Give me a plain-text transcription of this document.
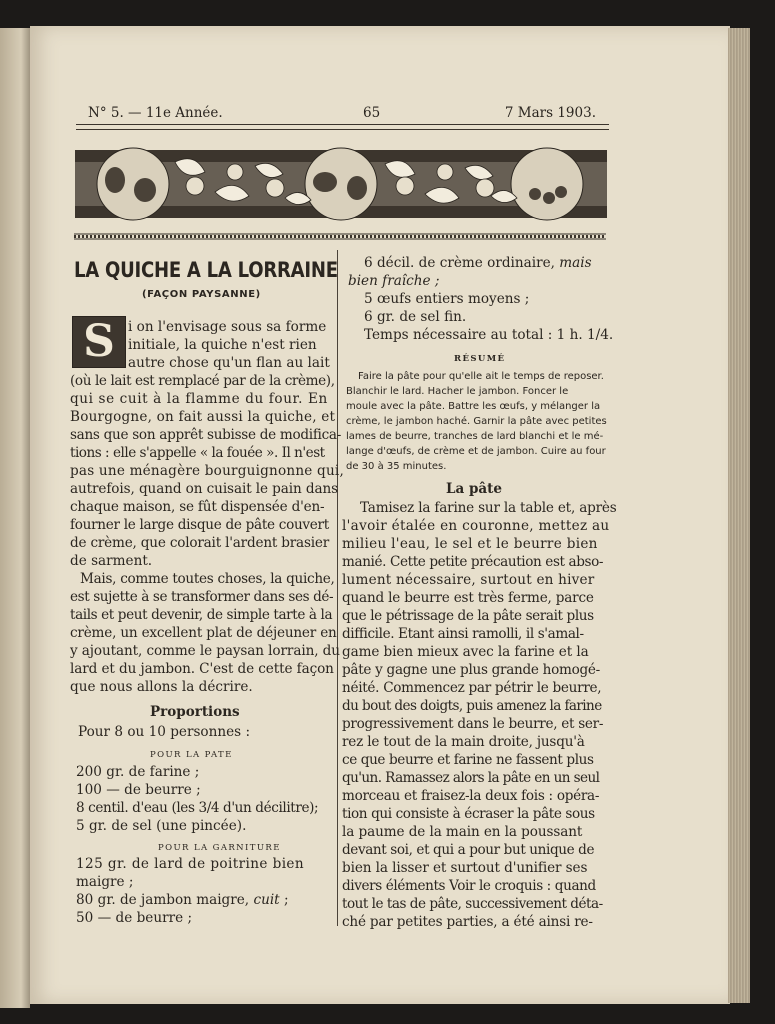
N° 5. — 11e Année.	65	7 Mars 1903.
LA QUICHE A LA LORRAINE
(FAÇON PAYSANNE)
S i on l'envisage sous sa forme
initiale, la quiche n'est rien
autre chose qu'un flan au lait
(où le lait est remplacé par de la crème),
qui se cuit à la flamme du four. En
Bourgogne, on fait aussi la quiche, et
sans que son apprêt subisse de modifica-
tions : elle s'appelle « la fouée ». Il n'est
pas une ménagère bourguignonne qui,
autrefois, quand on cuisait le pain dans
chaque maison, se fût dispensée d'en-
fourner le large disque de pâte couvert
de crème, que colorait l'ardent brasier
de sarment.
Mais, comme toutes choses, la quiche,
est sujette à se transformer dans ses dé-
tails et peut devenir, de simple tarte à la
crème, un excellent plat de déjeuner en
y ajoutant, comme le paysan lorrain, du
lard et du jambon. C'est de cette façon
que nous allons la décrire.
Proportions
Pour 8 ou 10 personnes :
POUR LA PATE
200 gr. de farine ;
100 — de beurre ;
8 centil. d'eau (les 3/4 d'un décilitre);
5 gr. de sel (une pincée).
POUR LA GARNITURE
125 gr. de lard de poitrine bien
maigre ;
80 gr. de jambon maigre, cuit ;
50 — de beurre ;
6 décil. de crème ordinaire, mais
bien fraîche ;
5 œufs entiers moyens ;
6 gr. de sel fin.
Temps nécessaire au total : 1 h. 1/4.
RÉSUMÉ
Faire la pâte pour qu'elle ait le temps de reposer.
Blanchir le lard. Hacher le jambon. Foncer le
moule avec la pâte. Battre les œufs, y mélanger la
crème, le jambon haché. Garnir la pâte avec petites
lames de beurre, tranches de lard blanchi et le mé-
lange d'œufs, de crème et de jambon. Cuire au four
de 30 à 35 minutes.
La pâte
Tamisez la farine sur la table et, après
l'avoir étalée en couronne, mettez au
milieu l'eau, le sel et le beurre bien
manié. Cette petite précaution est abso-
lument nécessaire, surtout en hiver
quand le beurre est très ferme, parce
que le pétrissage de la pâte serait plus
difficile. Etant ainsi ramolli, il s'amal-
game bien mieux avec la farine et la
pâte y gagne une plus grande homogé-
néité. Commencez par pétrir le beurre,
du bout des doigts, puis amenez la farine
progressivement dans le beurre, et ser-
rez le tout de la main droite, jusqu'à
ce que beurre et farine ne fassent plus
qu'un. Ramassez alors la pâte en un seul
morceau et fraisez-la deux fois : opéra-
tion qui consiste à écraser la pâte sous
la paume de la main en la poussant
devant soi, et qui a pour but unique de
bien la lisser et surtout d'unifier ses
divers éléments Voir le croquis : quand
tout le tas de pâte, successivement déta-
ché par petites parties, a été ainsi re-
